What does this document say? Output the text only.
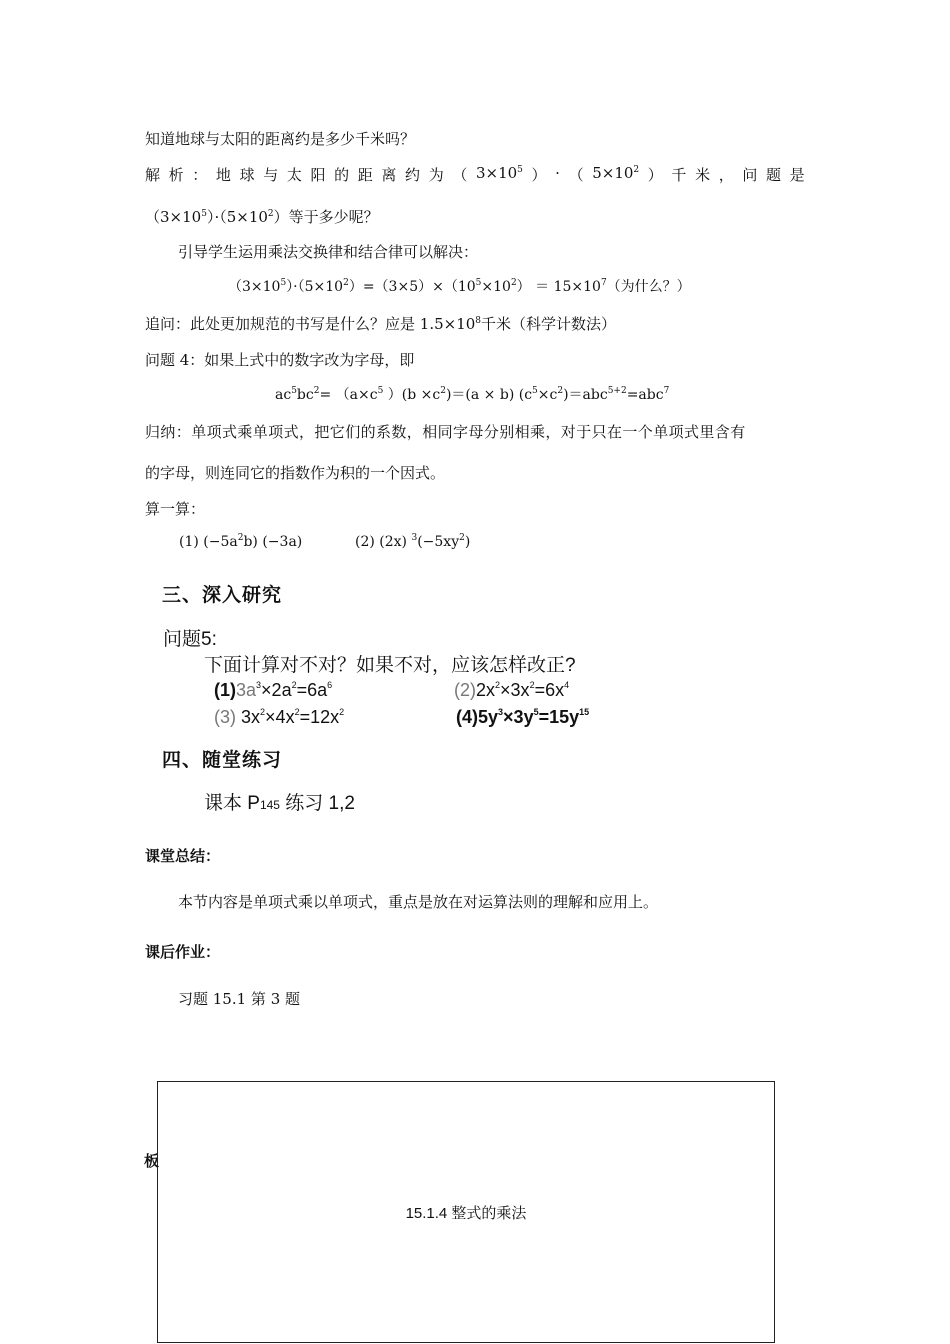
知道地球与太阳的距离约是多少千米吗？
解 析 ： 地 球 与 太 阳 的 距 离 约 为 （ $3\times 10^5$ ） · （ $5\times 10^2$ ） 千 米 ， 问 题 是
$(3\times 10^5)\cdot(5\times 10^2)$等于多少呢？
引导学生运用乘法交换律和结合律可以解决：
$(3\times 10^5)\cdot(5\times 10^2)=(3\times 5)\times(10^5\times 10^2) = 15\times 10^7$（为什么？）
追问：此处更加规范的书写是什么？应是 $1.5\times 10^8$千米（科学计数法）
问题 4：如果上式中的数字改为字母，即
$ac^5bc^2= (a\times c^5$ ）$(b \times c^2)=(a \times b)$ $(c^5\times c^2)=abc^{5+2}=abc^7$
归纳：单项式乘单项式，把它们的系数，相同字母分别相乘，对于只在一个单项式里含有
的字母，则连同它的指数作为积的一个因式。
算一算：
(1) $(-5a^2b)$ (−3a)	(2) (2x) $^3(-5xy^2)$
三、深入研究
问题5:
下面计算对不对？如果不对，应该怎样改正?
$(1)3a^3\times 2a^2=6a^6$	$(2)2x^2\times 3x^2=6x^4$
(3) $3x^2\times 4x^2=12x^2$	$(4)5y^3\times 3y^5=15y^{15}$
四、随堂练习
课本 P145 练习 1,2
课堂总结：
本节内容是单项式乘以单项式，重点是放在对运算法则的理解和应用上。
课后作业：
习题 15.1 第 3 题
板
15.1.4 整式的乘法
